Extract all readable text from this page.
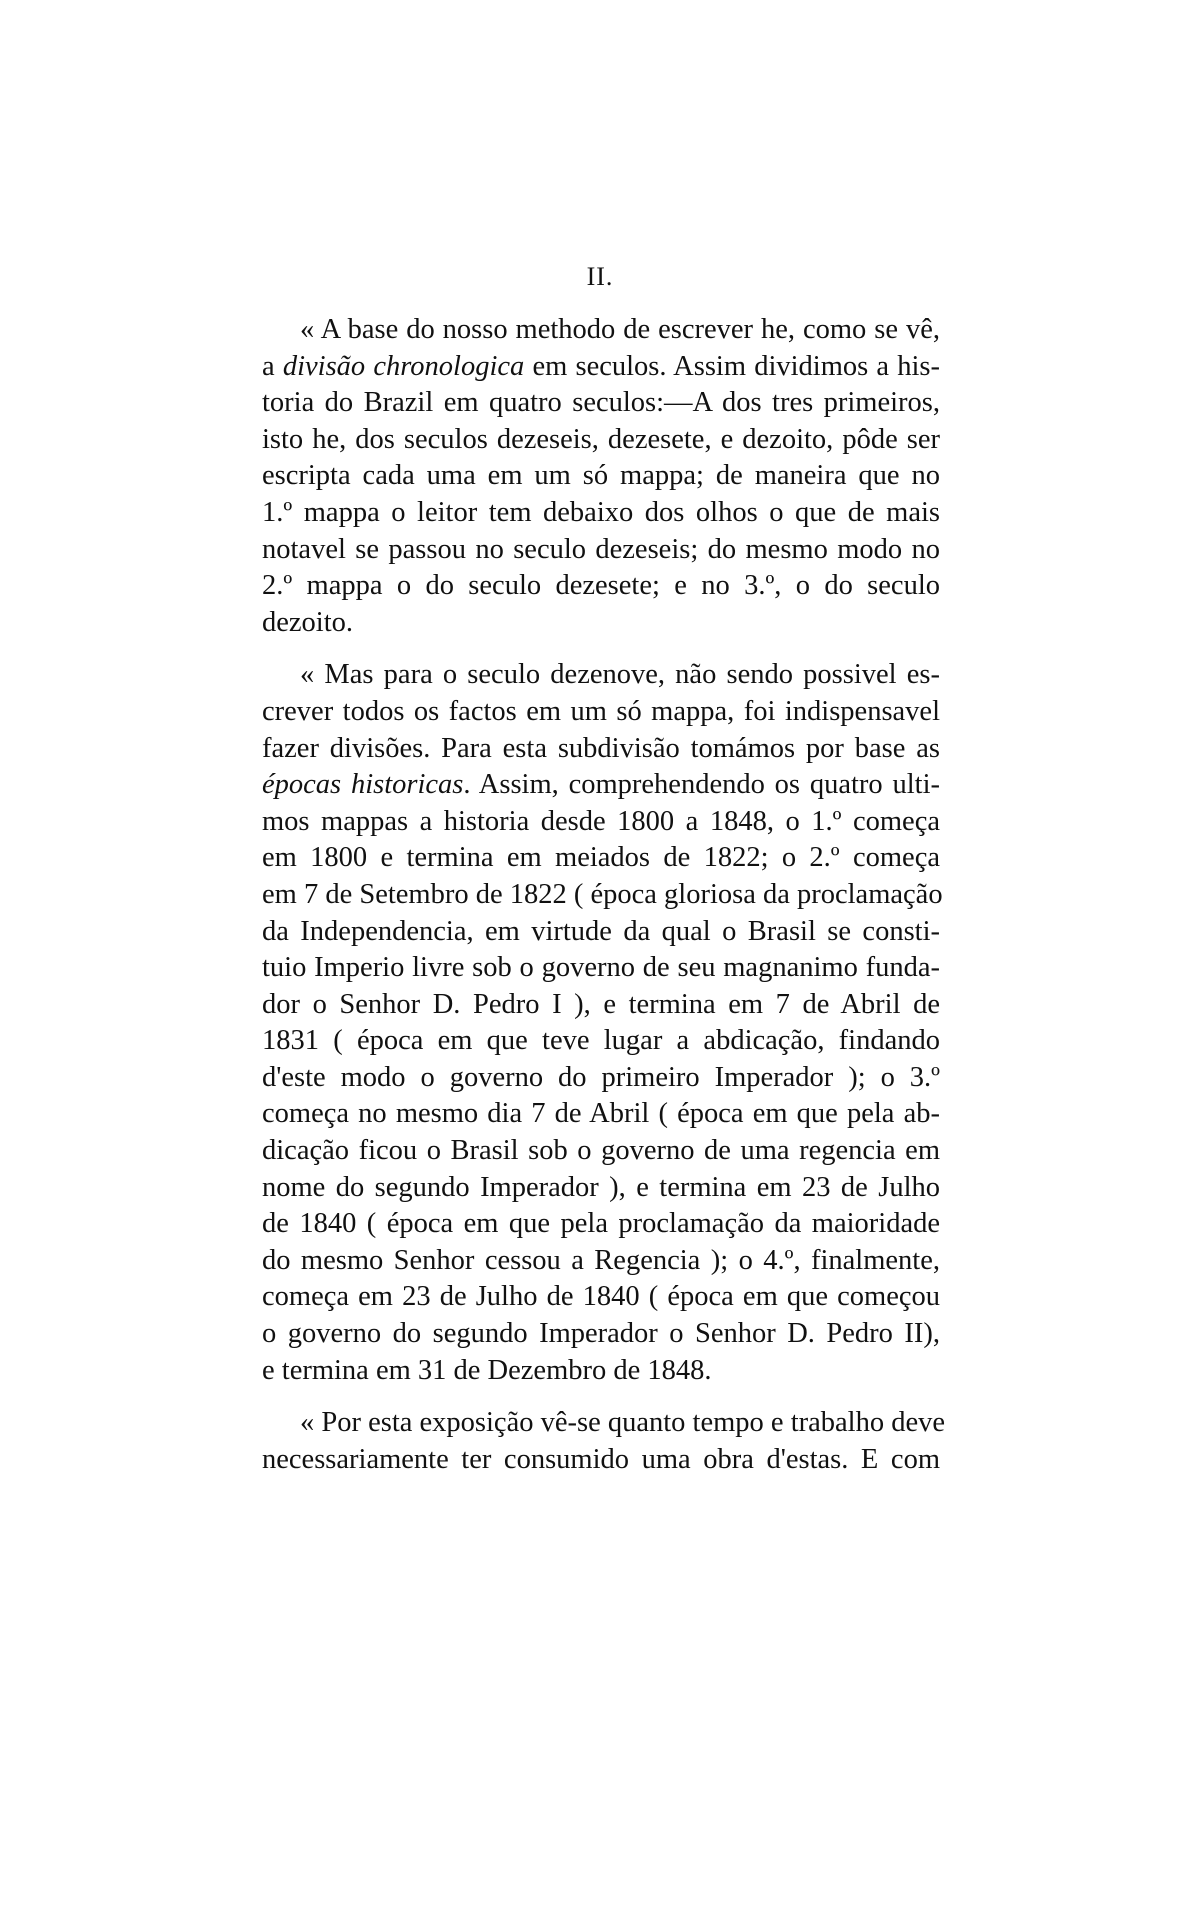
II.
« A base do nosso methodo de escrever he, como se vê,
a divisão chronologica em seculos. Assim dividimos a his-
toria do Brazil em quatro seculos:—A dos tres primeiros,
isto he, dos seculos dezeseis, dezesete, e dezoito, pôde ser
escripta cada uma em um só mappa; de maneira que no
1.º mappa o leitor tem debaixo dos olhos o que de mais
notavel se passou no seculo dezeseis; do mesmo modo no
2.º mappa o do seculo dezesete; e no 3.º, o do seculo
dezoito.
« Mas para o seculo dezenove, não sendo possivel es-
crever todos os factos em um só mappa, foi indispensavel
fazer divisões. Para esta subdivisão tomámos por base as
épocas historicas. Assim, comprehendendo os quatro ulti-
mos mappas a historia desde 1800 a 1848, o 1.º começa
em 1800 e termina em meiados de 1822; o 2.º começa
em 7 de Setembro de 1822 ( época gloriosa da proclamação
da Independencia, em virtude da qual o Brasil se consti-
tuio Imperio livre sob o governo de seu magnanimo funda-
dor o Senhor D. Pedro I ), e termina em 7 de Abril de
1831 ( época em que teve lugar a abdicação, findando
d'este modo o governo do primeiro Imperador ); o 3.º
começa no mesmo dia 7 de Abril ( época em que pela ab-
dicação ficou o Brasil sob o governo de uma regencia em
nome do segundo Imperador ), e termina em 23 de Julho
de 1840 ( época em que pela proclamação da maioridade
do mesmo Senhor cessou a Regencia ); o 4.º, finalmente,
começa em 23 de Julho de 1840 ( época em que começou
o governo do segundo Imperador o Senhor D. Pedro II),
e termina em 31 de Dezembro de 1848.
« Por esta exposição vê-se quanto tempo e trabalho deve
necessariamente ter consumido uma obra d'estas. E com
